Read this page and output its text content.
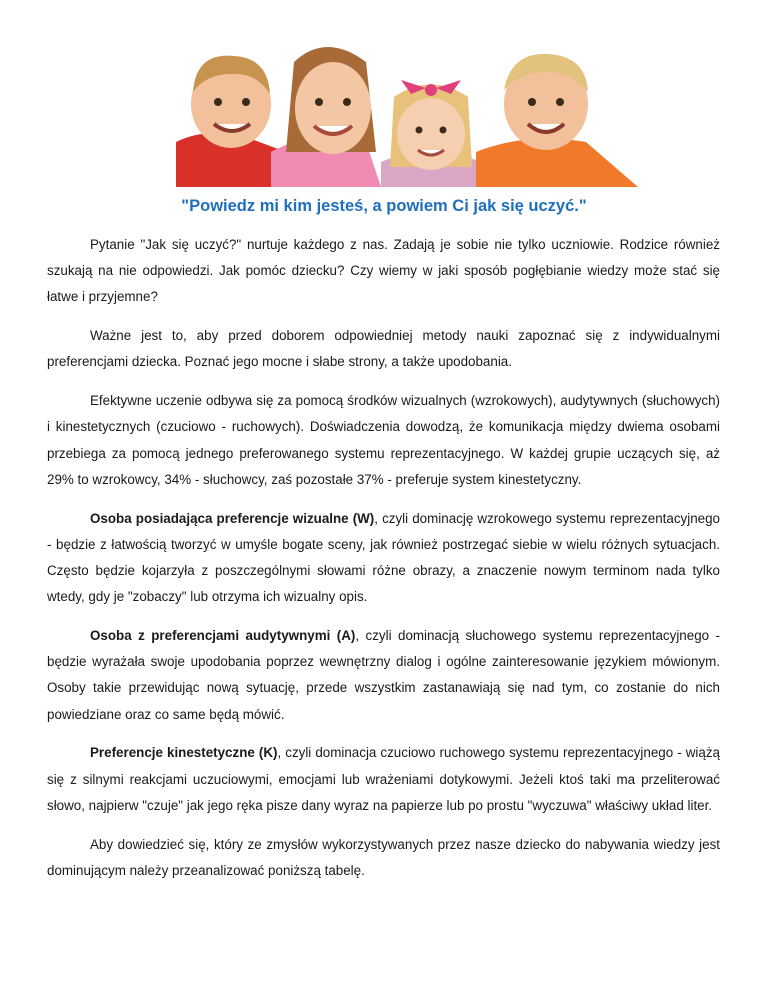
"Powiedz mi kim jesteś, a powiem Ci jak się uczyć."

Pytanie "Jak się uczyć?" nurtuje każdego z nas. Zadają je sobie nie tylko uczniowie. Rodzice również szukają na nie odpowiedzi. Jak pomóc dziecku? Czy wiemy w jaki sposób pogłębianie wiedzy może stać się łatwe i przyjemne?

Ważne jest to, aby przed doborem odpowiedniej metody nauki zapoznać się z indywidualnymi preferencjami dziecka. Poznać jego mocne i słabe strony, a także upodobania.

Efektywne uczenie odbywa się za pomocą środków wizualnych (wzrokowych), audytywnych (słuchowych) i kinestetycznych (czuciowo - ruchowych). Doświadczenia dowodzą, że komunikacja między dwiema osobami przebiega za pomocą jednego preferowanego systemu reprezentacyjnego. W każdej grupie uczących się, aż 29% to wzrokowcy, 34% - słuchowcy, zaś pozostałe 37% - preferuje system kinestetyczny.

Osoba posiadająca preferencje wizualne (W), czyli dominację wzrokowego systemu reprezentacyjnego - będzie z łatwością tworzyć w umyśle bogate sceny, jak również postrzegać siebie w wielu różnych sytuacjach. Często będzie kojarzyła z poszczególnymi słowami różne obrazy, a znaczenie nowym terminom nada tylko wtedy, gdy je "zobaczy" lub otrzyma ich wizualny opis.

Osoba z preferencjami audytywnymi (A), czyli dominacją słuchowego systemu reprezentacyjnego - będzie wyrażała swoje upodobania poprzez wewnętrzny dialog i ogólne zainteresowanie językiem mówionym. Osoby takie przewidując nową sytuację, przede wszystkim zastanawiają się nad tym, co zostanie do nich powiedziane oraz co same będą mówić.

Preferencje kinestetyczne (K), czyli dominacja czuciowo ruchowego systemu reprezentacyjnego - wiążą się z silnymi reakcjami uczuciowymi, emocjami lub wrażeniami dotykowymi. Jeżeli ktoś taki ma przeliterować słowo, najpierw "czuje" jak jego ręka pisze dany wyraz na papierze lub po prostu "wyczuwa" właściwy układ liter.

Aby dowiedzieć się, który ze zmysłów wykorzystywanych przez nasze dziecko do nabywania wiedzy jest dominującym należy przeanalizować poniższą tabelę.
